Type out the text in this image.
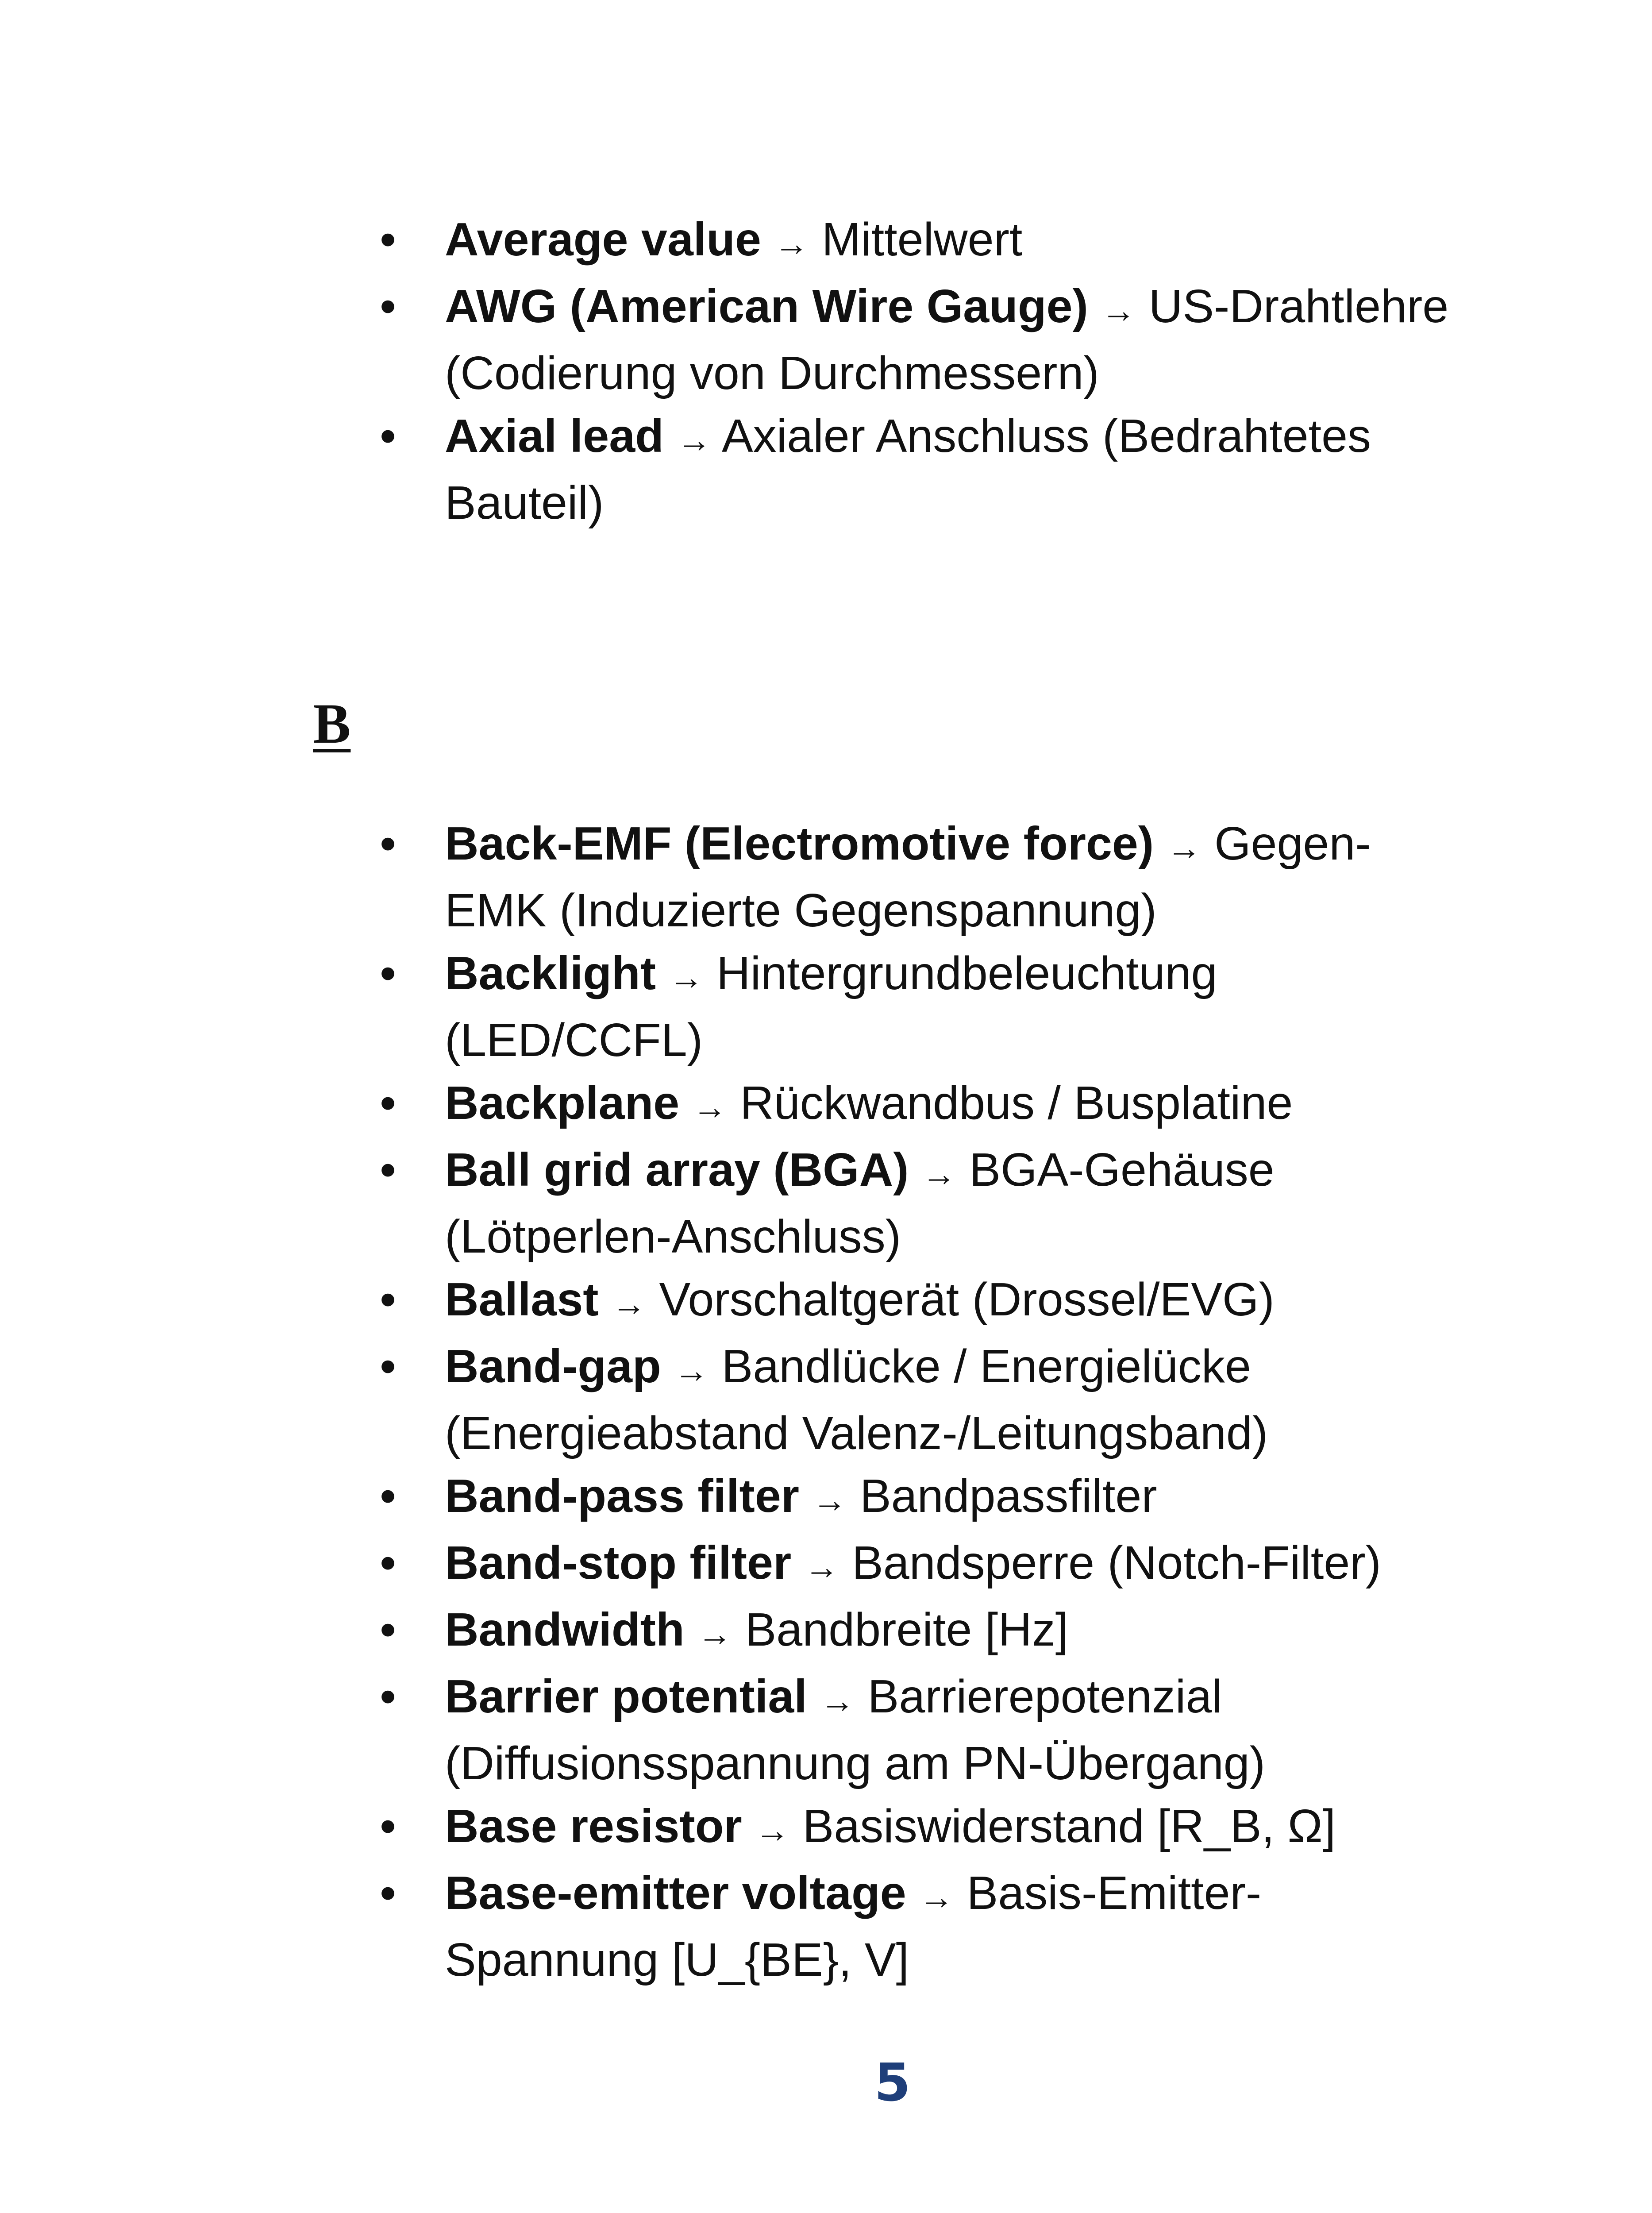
• Average value → Mittelwert
• AWG (American Wire Gauge) → US-Drahtlehre (Codierung von Durchmessern)
• Axial lead → Axialer Anschluss (Bedrahtetes Bauteil)
B
• Back-EMF (Electromotive force) → Gegen-EMK (Induzierte Gegenspannung)
• Backlight → Hintergrundbeleuchtung (LED/CCFL)
• Backplane → Rückwandbus / Busplatine
• Ball grid array (BGA) → BGA-Gehäuse (Lötperlen-Anschluss)
• Ballast → Vorschaltgerät (Drossel/EVG)
• Band-gap → Bandlücke / Energielücke (Energieabstand Valenz-/Leitungsband)
• Band-pass filter → Bandpassfilter
• Band-stop filter → Bandsperre (Notch-Filter)
• Bandwidth → Bandbreite [Hz]
• Barrier potential → Barrierepotenzial (Diffusionsspannung am PN-Übergang)
• Base resistor → Basiswiderstand [R_B, Ω]
• Base-emitter voltage → Basis-Emitter-Spannung [U_{BE}, V]
5
